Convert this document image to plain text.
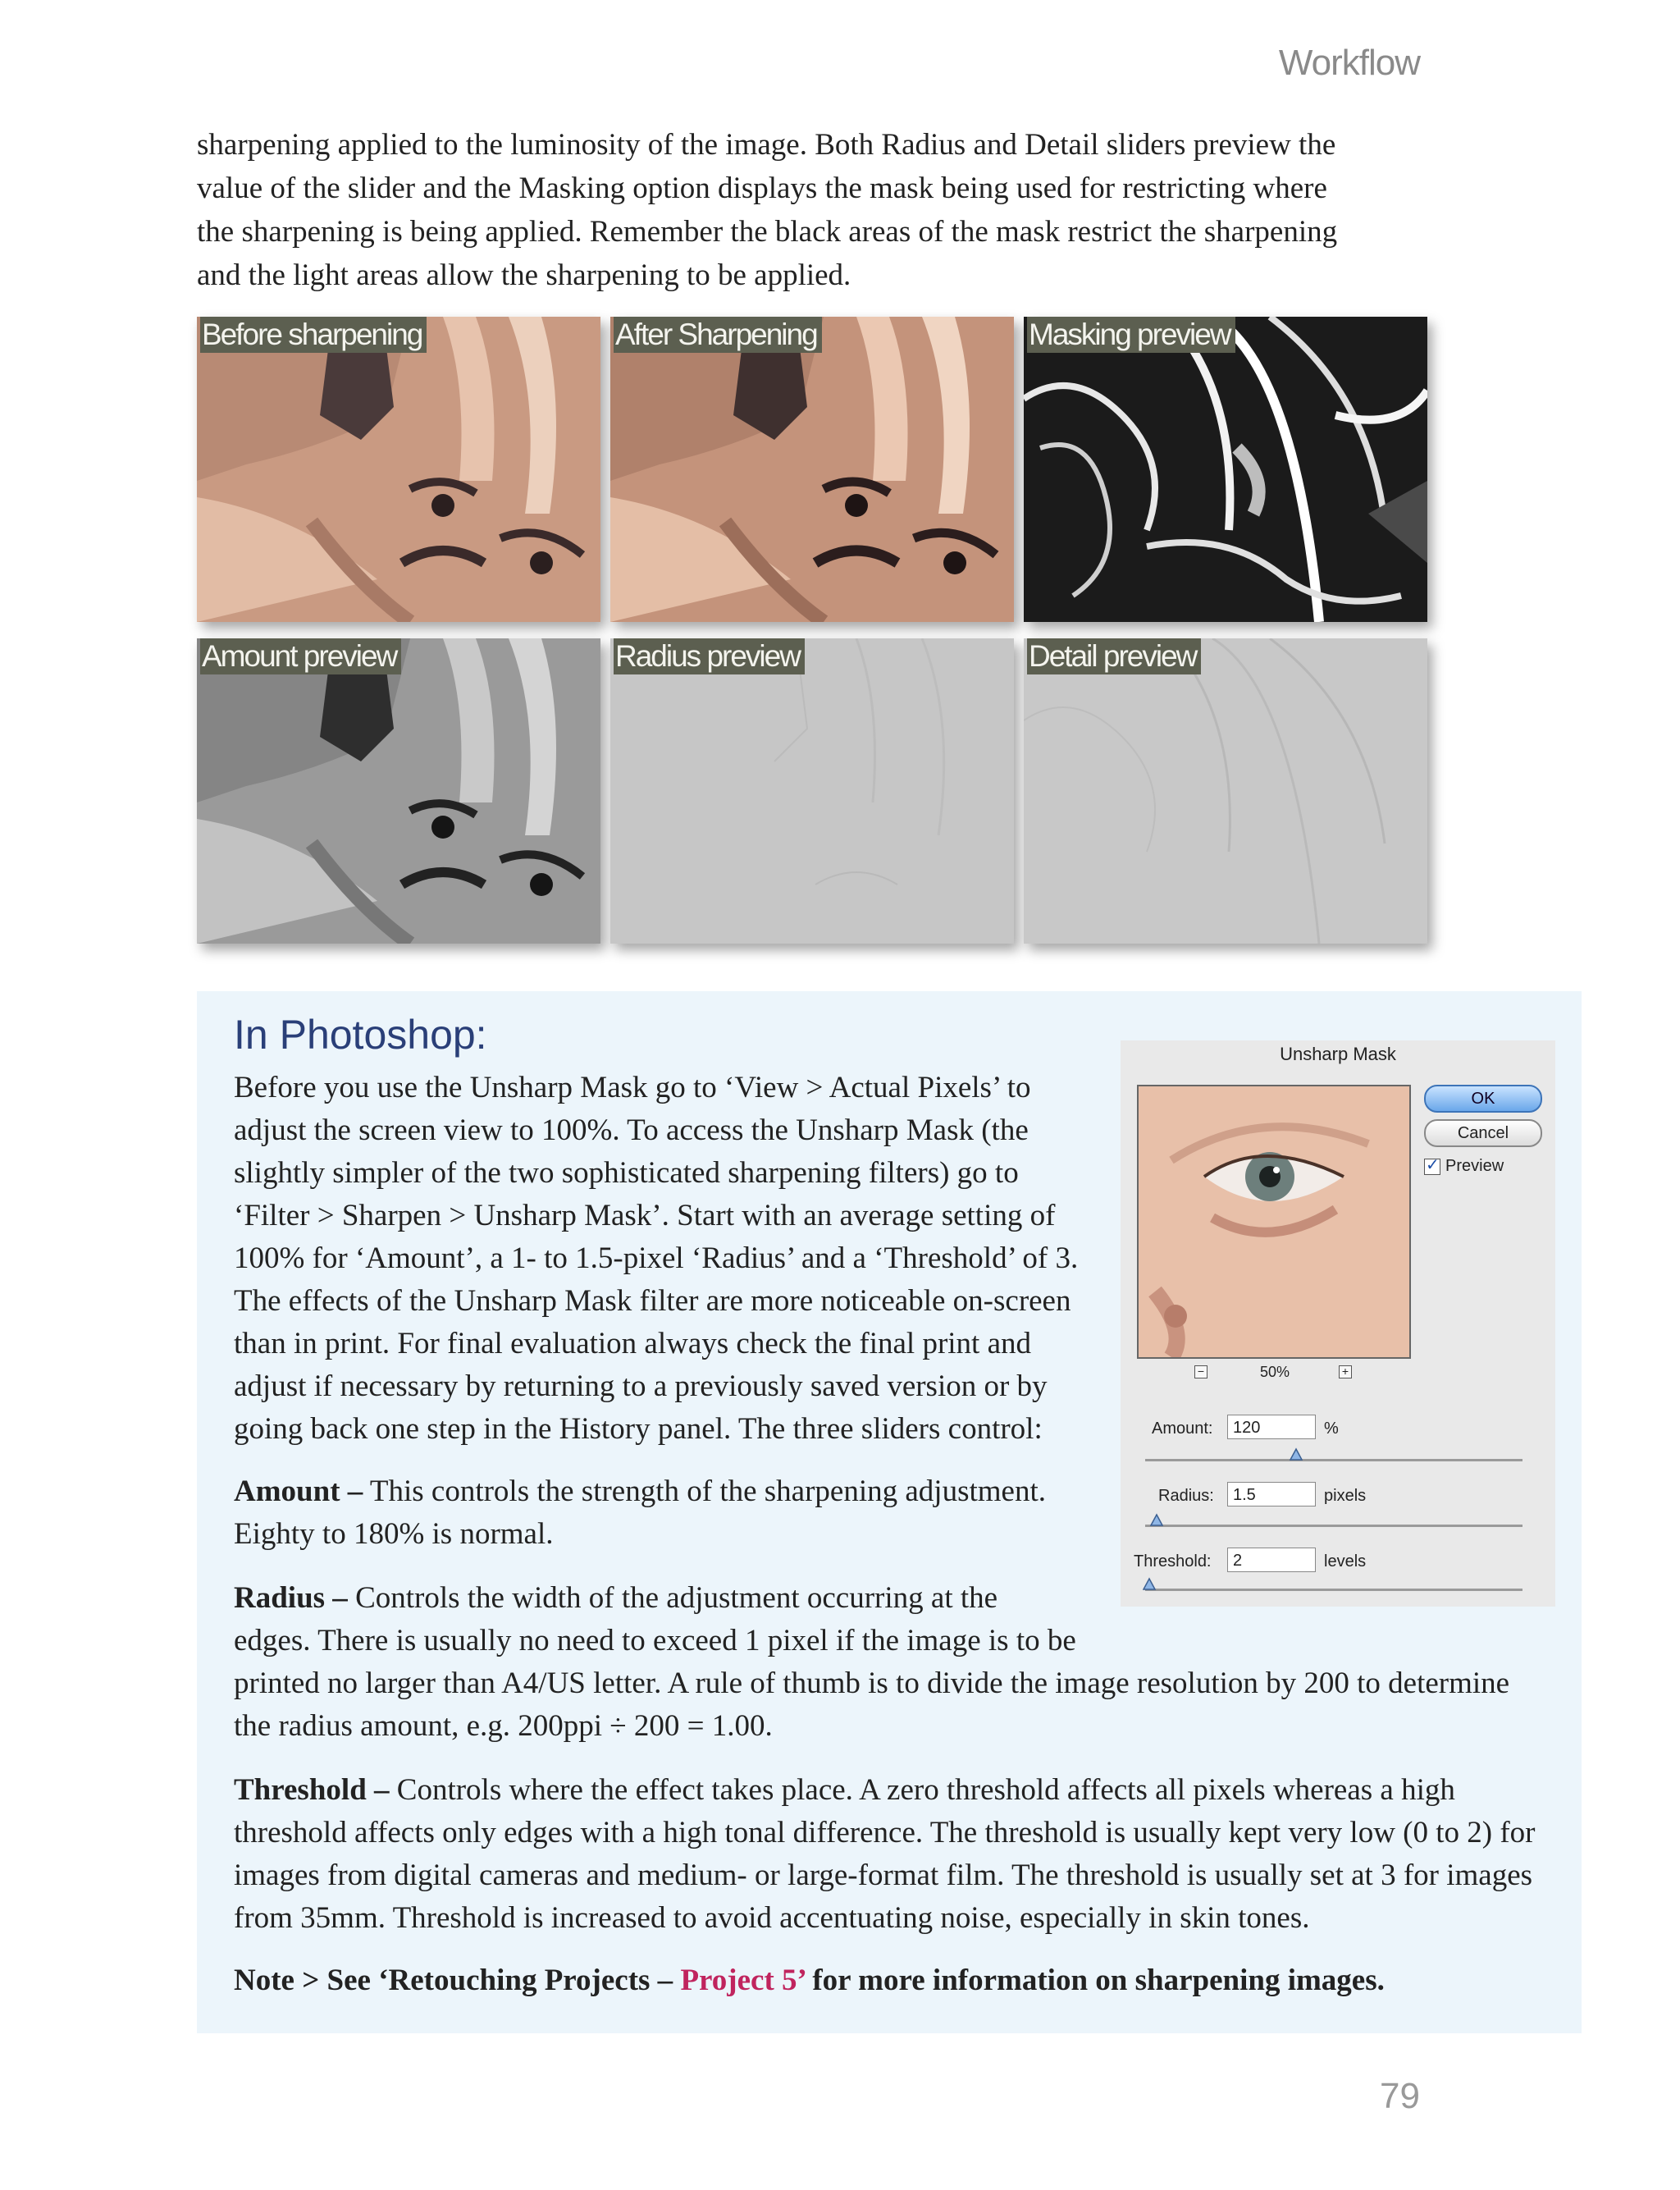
Workflow
sharpening applied to the luminosity of the image. Both Radius and Detail sliders preview the
value of the slider and the Masking option displays the mask being used for restricting where
the sharpening is being applied. Remember the black areas of the mask restrict the sharpening
and the light areas allow the sharpening to be applied.
Before sharpening	After Sharpening	Masking preview
Amount preview	Radius preview	Detail preview
In Photoshop:
Before you use the Unsharp Mask go to ‘View > Actual Pixels’ to
adjust the screen view to 100%. To access the Unsharp Mask (the
slightly simpler of the two sophisticated sharpening filters) go to
‘Filter > Sharpen > Unsharp Mask’. Start with an average setting of
100% for ‘Amount’, a 1- to 1.5-pixel ‘Radius’ and a ‘Threshold’ of 3.
The effects of the Unsharp Mask filter are more noticeable on-screen
than in print. For final evaluation always check the final print and
adjust if necessary by returning to a previously saved version or by
going back one step in the History panel. The three sliders control:
Amount – This controls the strength of the sharpening adjustment.
Eighty to 180% is normal.
Radius – Controls the width of the adjustment occurring at the
edges. There is usually no need to exceed 1 pixel if the image is to be
printed no larger than A4/US letter. A rule of thumb is to divide the image resolution by 200 to determine
the radius amount, e.g. 200ppi ÷ 200 = 1.00.
Threshold – Controls where the effect takes place. A zero threshold affects all pixels whereas a high
threshold affects only edges with a high tonal difference. The threshold is usually kept very low (0 to 2) for
images from digital cameras and medium- or large-format film. The threshold is usually set at 3 for images
from 35mm. Threshold is increased to avoid accentuating noise, especially in skin tones.
Note > See ‘Retouching Projects – Project 5’ for more information on sharpening images.
Unsharp Mask
OK
Cancel
✓Preview
−	50%	+
Amount:	120	%
Radius:	1.5	pixels
Threshold:	2	levels
79
